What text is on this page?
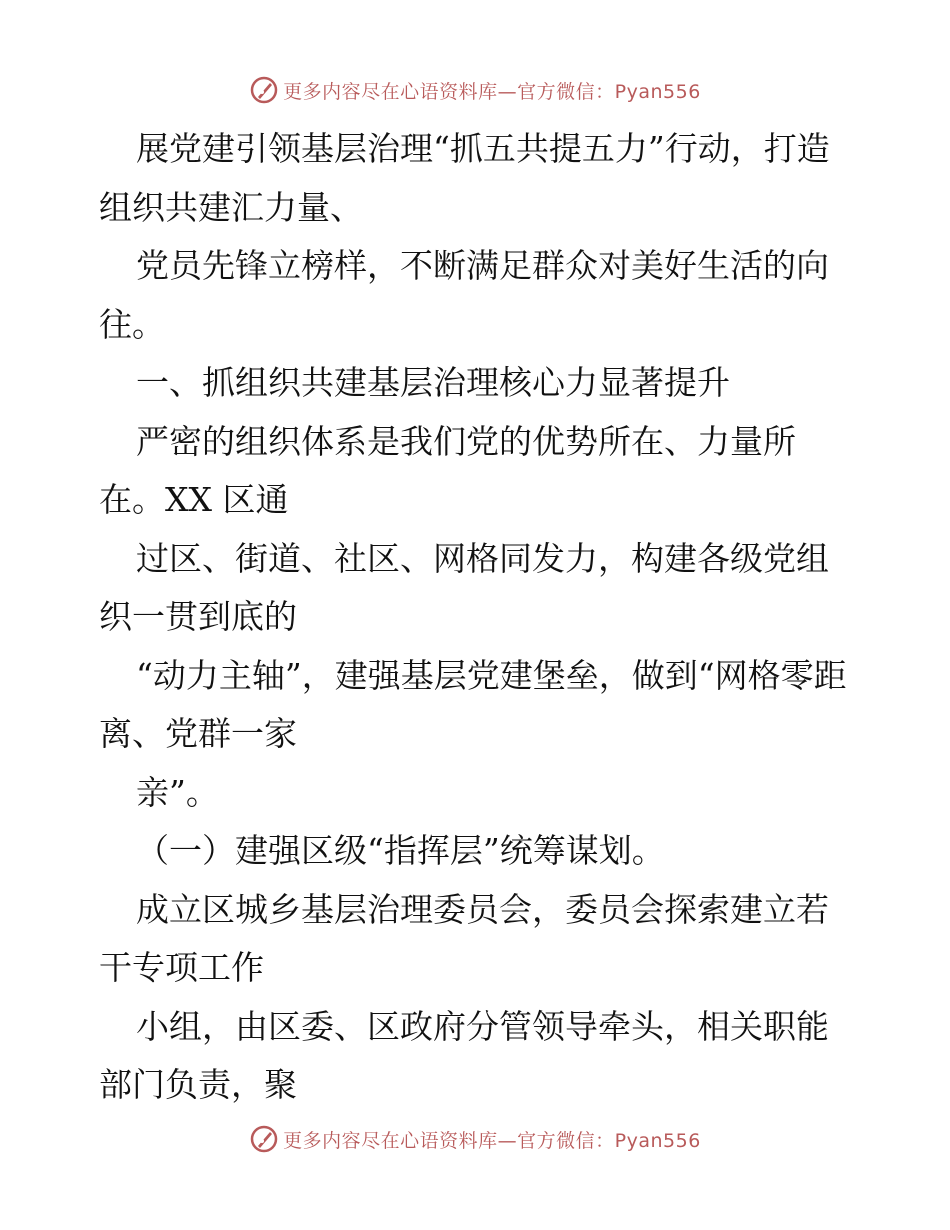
更多内容尽在心语资料库—官方微信：Pyan556

展党建引领基层治理“抓五共提五力”行动，打造组织共建汇力量、

党员先锋立榜样，不断满足群众对美好生活的向往。

一、抓组织共建基层治理核心力显著提升

严密的组织体系是我们党的优势所在、力量所在。XX 区通

过区、街道、社区、网格同发力，构建各级党组织一贯到底的

“动力主轴”，建强基层党建堡垒，做到“网格零距离、党群一家

亲”。

（一）建强区级“指挥层”统筹谋划。

成立区城乡基层治理委员会，委员会探索建立若干专项工作

小组，由区委、区政府分管领导牵头，相关职能部门负责，聚

更多内容尽在心语资料库—官方微信：Pyan556
